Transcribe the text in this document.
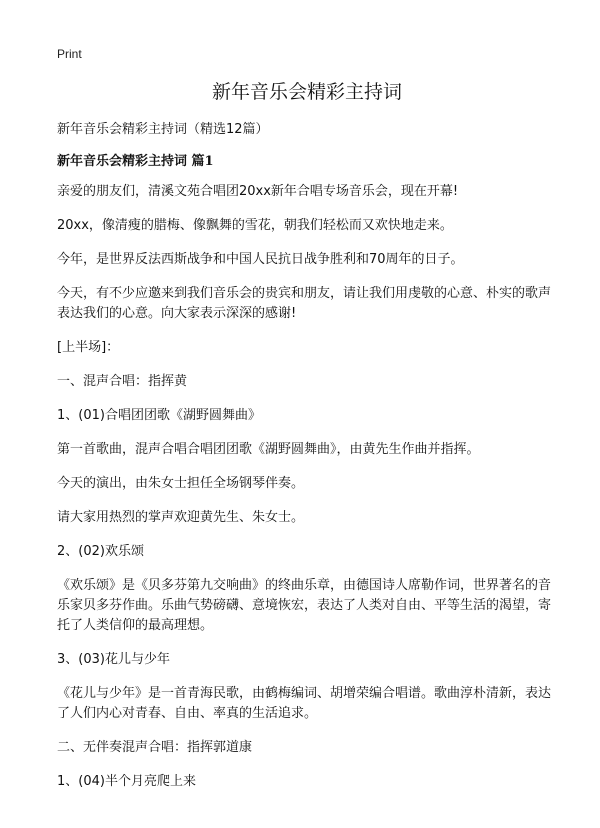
Print
新年音乐会精彩主持词

新年音乐会精彩主持词（精选12篇）

新年音乐会精彩主持词 篇1

亲爱的朋友们，清溪文苑合唱团20xx新年合唱专场音乐会，现在开幕!

20xx，像清瘦的腊梅、像飘舞的雪花，朝我们轻松而又欢快地走来。

今年，是世界反法西斯战争和中国人民抗日战争胜利和70周年的日子。

今天，有不少应邀来到我们音乐会的贵宾和朋友，请让我们用虔敬的心意、朴实的歌声表达我们的心意。向大家表示深深的感谢!

[上半场]：

一、混声合唱：指挥黄

1、(01)合唱团团歌《湖野圆舞曲》

第一首歌曲，混声合唱合唱团团歌《湖野圆舞曲》，由黄先生作曲并指挥。

今天的演出，由朱女士担任全场钢琴伴奏。

请大家用热烈的掌声欢迎黄先生、朱女士。

2、(02)欢乐颂

《欢乐颂》是《贝多芬第九交响曲》的终曲乐章，由德国诗人席勒作词，世界著名的音乐家贝多芬作曲。乐曲气势磅礴、意境恢宏，表达了人类对自由、平等生活的渴望，寄托了人类信仰的最高理想。

3、(03)花儿与少年

《花儿与少年》是一首青海民歌，由鹤梅编词、胡增荣编合唱谱。歌曲淳朴清新，表达了人们内心对青春、自由、率真的生活追求。

二、无伴奏混声合唱：指挥郭道康

1、(04)半个月亮爬上来
